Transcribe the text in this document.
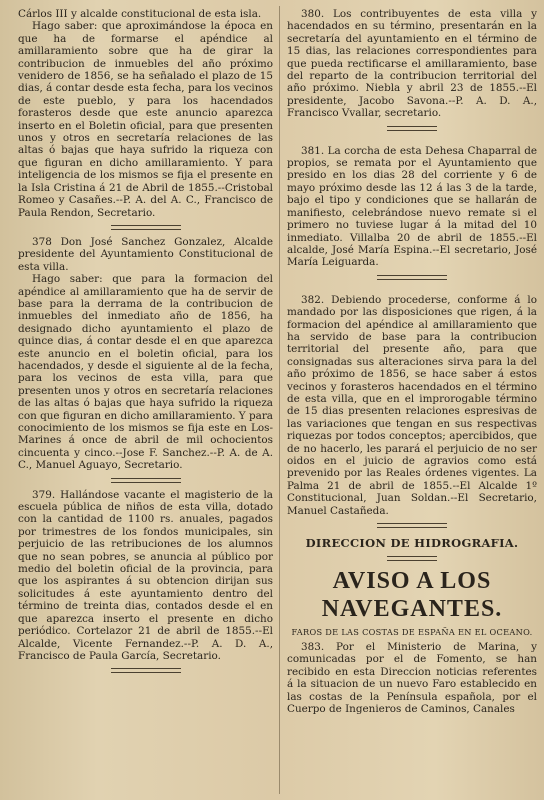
Cárlos III y alcalde constitucional de esta isla.

Hago saber: que aproximándose la época en que ha de formarse el apéndice al amillaramiento sobre que ha de girar la contribucion de inmuebles del año próximo venidero de 1856, se ha señalado el plazo de 15 dias, á contar desde esta fecha, para los vecinos de este pueblo, y para los hacendados forasteros desde que este anuncio aparezca inserto en el Boletin oficial, para que presenten unos y otros en secretaría relaciones de las altas ó bajas que haya sufrido la riqueza con que figuran en dicho amillaramiento. Y para inteligencia de los mismos se fija el presente en la Isla Cristina á 21 de Abril de 1855.--Cristobal Romeo y Casañes.--P. A. del A. C., Francisco de Paula Rendon, Secretario.

378 Don José Sanchez Gonzalez, Alcalde presidente del Ayuntamiento Constitucional de esta villa.

Hago saber: que para la formacion del apéndice al amillaramiento que ha de servir de base para la derrama de la contribucion de inmuebles del inmediato año de 1856, ha designado dicho ayuntamiento el plazo de quince dias, á contar desde el en que aparezca este anuncio en el boletin oficial, para los hacendados, y desde el siguiente al de la fecha, para los vecinos de esta villa, para que presenten unos y otros en secretaría relaciones de las altas ó bajas que haya sufrido la riqueza con que figuran en dicho amillaramiento. Y para conocimiento de los mismos se fija este en Los-Marines á once de abril de mil ochocientos cincuenta y cinco.--Jose F. Sanchez.--P. A. de A. C., Manuel Aguayo, Secretario.

379. Hallándose vacante el magisterio de la escuela pública de niños de esta villa, dotado con la cantidad de 1100 rs. anuales, pagados por trimestres de los fondos municipales, sin perjuicio de las retribuciones de los alumnos que no sean pobres, se anuncia al público por medio del boletin oficial de la provincia, para que los aspirantes á su obtencion dirijan sus solicitudes á este ayuntamiento dentro del término de treinta dias, contados desde el en que aparezca inserto el presente en dicho periódico. Cortelazor 21 de abril de 1855.--El Alcalde, Vicente Fernandez.--P. A. D. A., Francisco de Paula García, Secretario.

380. Los contribuyentes de esta villa y hacendados en su término, presentarán en la secretaría del ayuntamiento en el término de 15 dias, las relaciones correspondientes para que pueda rectificarse el amillaramiento, base del reparto de la contribucion territorial del año próximo. Niebla y abril 23 de 1855.--El presidente, Jacobo Savona.--P. A. D. A., Francisco Vvallar, secretario.

381. La corcha de esta Dehesa Chaparral de propios, se remata por el Ayuntamiento que presido en los dias 28 del corriente y 6 de mayo próximo desde las 12 á las 3 de la tarde, bajo el tipo y condiciones que se hallarán de manifiesto, celebrándose nuevo remate si el primero no tuviese lugar á la mitad del 10 inmediato. Villalba 20 de abril de 1855.--El alcalde, José María Espina.--El secretario, José María Leiguarda.

382. Debiendo procederse, conforme á lo mandado por las disposiciones que rigen, á la formacion del apéndice al amillaramiento que ha servido de base para la contribucion territorial del presente año, para que consignadas sus alteraciones sirva para la del año próximo de 1856, se hace saber á estos vecinos y forasteros hacendados en el término de esta villa, que en el improrogable término de 15 dias presenten relaciones espresivas de las variaciones que tengan en sus respectivas riquezas por todos conceptos; apercibidos, que de no hacerlo, les parará el perjuicio de no ser oidos en el juicio de agravios como está prevenido por las Reales órdenes vigentes. La Palma 21 de abril de 1855.--El Alcalde 1º Constitucional, Juan Soldan.--El Secretario, Manuel Castañeda.

DIRECCION DE HIDROGRAFIA.
AVISO A LOS NAVEGANTES.
FAROS DE LAS COSTAS DE ESPAÑA EN EL OCEANO.

383. Por el Ministerio de Marina, y comunicadas por el de Fomento, se han recibido en esta Direccion noticias referentes á la situacion de un nuevo Faro establecido en las costas de la Península española, por el Cuerpo de Ingenieros de Caminos, Canales
